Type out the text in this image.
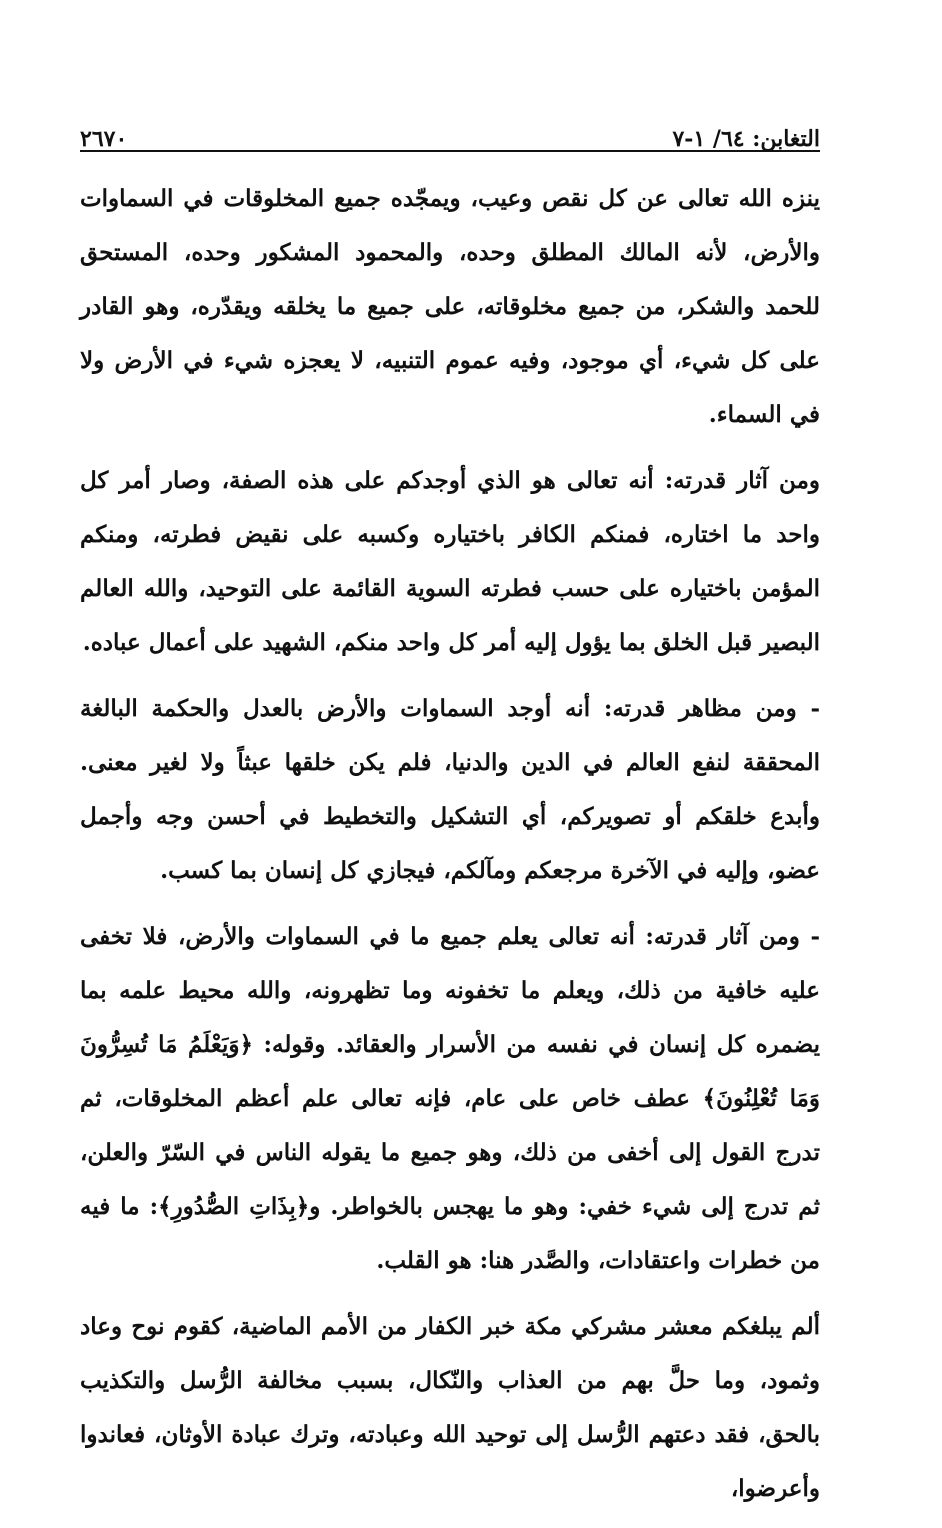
التغابن: ٦٤/ ١-٧
٢٦٧٠

ينزه الله تعالى عن كل نقص وعيب، ويمجّده جميع المخلوقات في السماوات والأرض، لأنه المالك المطلق وحده، والمحمود المشكور وحده، المستحق للحمد والشكر، من جميع مخلوقاته، على جميع ما يخلقه ويقدّره، وهو القادر على كل شيء، أي موجود، وفيه عموم التنبيه، لا يعجزه شيء في الأرض ولا في السماء.

ومن آثار قدرته: أنه تعالى هو الذي أوجدكم على هذه الصفة، وصار أمر كل واحد ما اختاره، فمنكم الكافر باختياره وكسبه على نقيض فطرته، ومنكم المؤمن باختياره على حسب فطرته السوية القائمة على التوحيد، والله العالم البصير قبل الخلق بما يؤول إليه أمر كل واحد منكم، الشهيد على أعمال عباده.

- ومن مظاهر قدرته: أنه أوجد السماوات والأرض بالعدل والحكمة البالغة المحققة لنفع العالم في الدين والدنيا، فلم يكن خلقها عبثاً ولا لغير معنى. وأبدع خلقكم أو تصويركم، أي التشكيل والتخطيط في أحسن وجه وأجمل عضو، وإليه في الآخرة مرجعكم ومآلكم، فيجازي كل إنسان بما كسب.

- ومن آثار قدرته: أنه تعالى يعلم جميع ما في السماوات والأرض، فلا تخفى عليه خافية من ذلك، ويعلم ما تخفونه وما تظهرونه، والله محيط علمه بما يضمره كل إنسان في نفسه من الأسرار والعقائد. وقوله: ﴿وَيَعْلَمُ مَا تُسِرُّونَ وَمَا تُعْلِنُونَ﴾ عطف خاص على عام، فإنه تعالى علم أعظم المخلوقات، ثم تدرج القول إلى أخفى من ذلك، وهو جميع ما يقوله الناس في السّرّ والعلن، ثم تدرج إلى شيء خفي: وهو ما يهجس بالخواطر. و﴿بِذَاتِ الصُّدُورِ﴾: ما فيه من خطرات واعتقادات، والصَّدر هنا: هو القلب.

ألم يبلغكم معشر مشركي مكة خبر الكفار من الأمم الماضية، كقوم نوح وعاد وثمود، وما حلَّ بهم من العذاب والنّكال، بسبب مخالفة الرُّسل والتكذيب بالحق، فقد دعتهم الرُّسل إلى توحيد الله وعبادته، وترك عبادة الأوثان، فعاندوا وأعرضوا،
